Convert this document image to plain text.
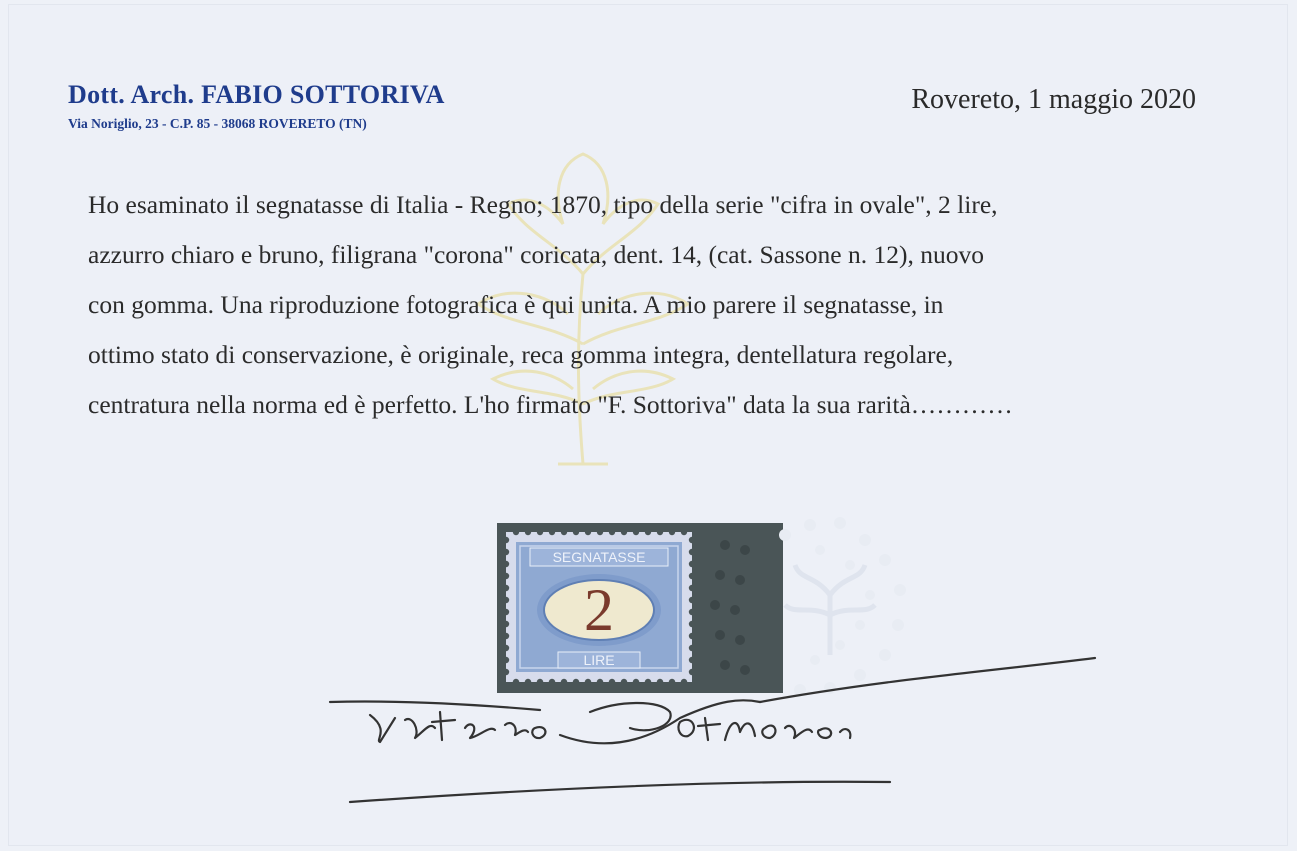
Dott. Arch. FABIO SOTTORIVA
Via Noriglio, 23 - C.P. 85 - 38068 ROVERETO (TN)
Rovereto, 1 maggio 2020
Ho esaminato il segnatasse di Italia - Regno; 1870, tipo della serie "cifra in ovale", 2 lire,
azzurro chiaro e bruno, filigrana "corona" coricata, dent. 14, (cat. Sassone n. 12), nuovo
con gomma. Una riproduzione fotografica è qui unita. A mio parere il segnatasse, in
ottimo stato di conservazione, è originale, reca gomma integra, dentellatura regolare,
centratura nella norma ed è perfetto. L'ho firmato "F. Sottoriva" data la sua rarità…………
SEGNATASSE
2
LIRE
